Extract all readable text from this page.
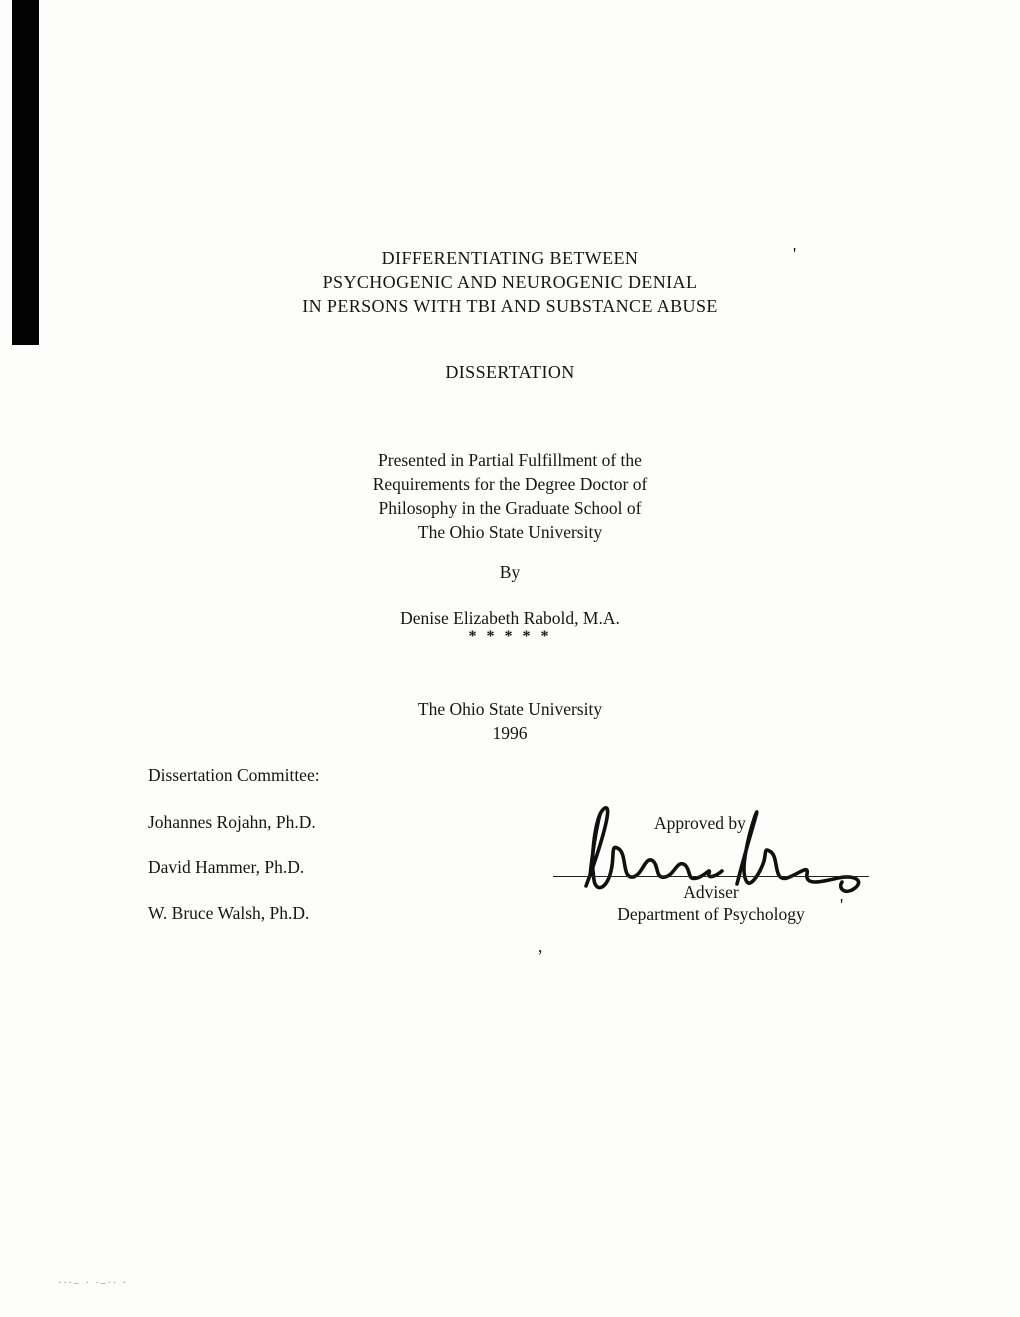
'
DIFFERENTIATING BETWEEN
PSYCHOGENIC AND NEUROGENIC DENIAL
IN PERSONS WITH TBI AND SUBSTANCE ABUSE
DISSERTATION
Presented in Partial Fulfillment of the
Requirements for the Degree Doctor of
Philosophy in the Graduate School of
The Ohio State University
By
Denise Elizabeth Rabold, M.A.
* * * * *
The Ohio State University
1996
Dissertation Committee:
Johannes Rojahn, Ph.D.
David Hammer, Ph.D.
W. Bruce Walsh, Ph.D.
Approved by
Adviser
Department of Psychology	'
,
···– · ·–·· ·
